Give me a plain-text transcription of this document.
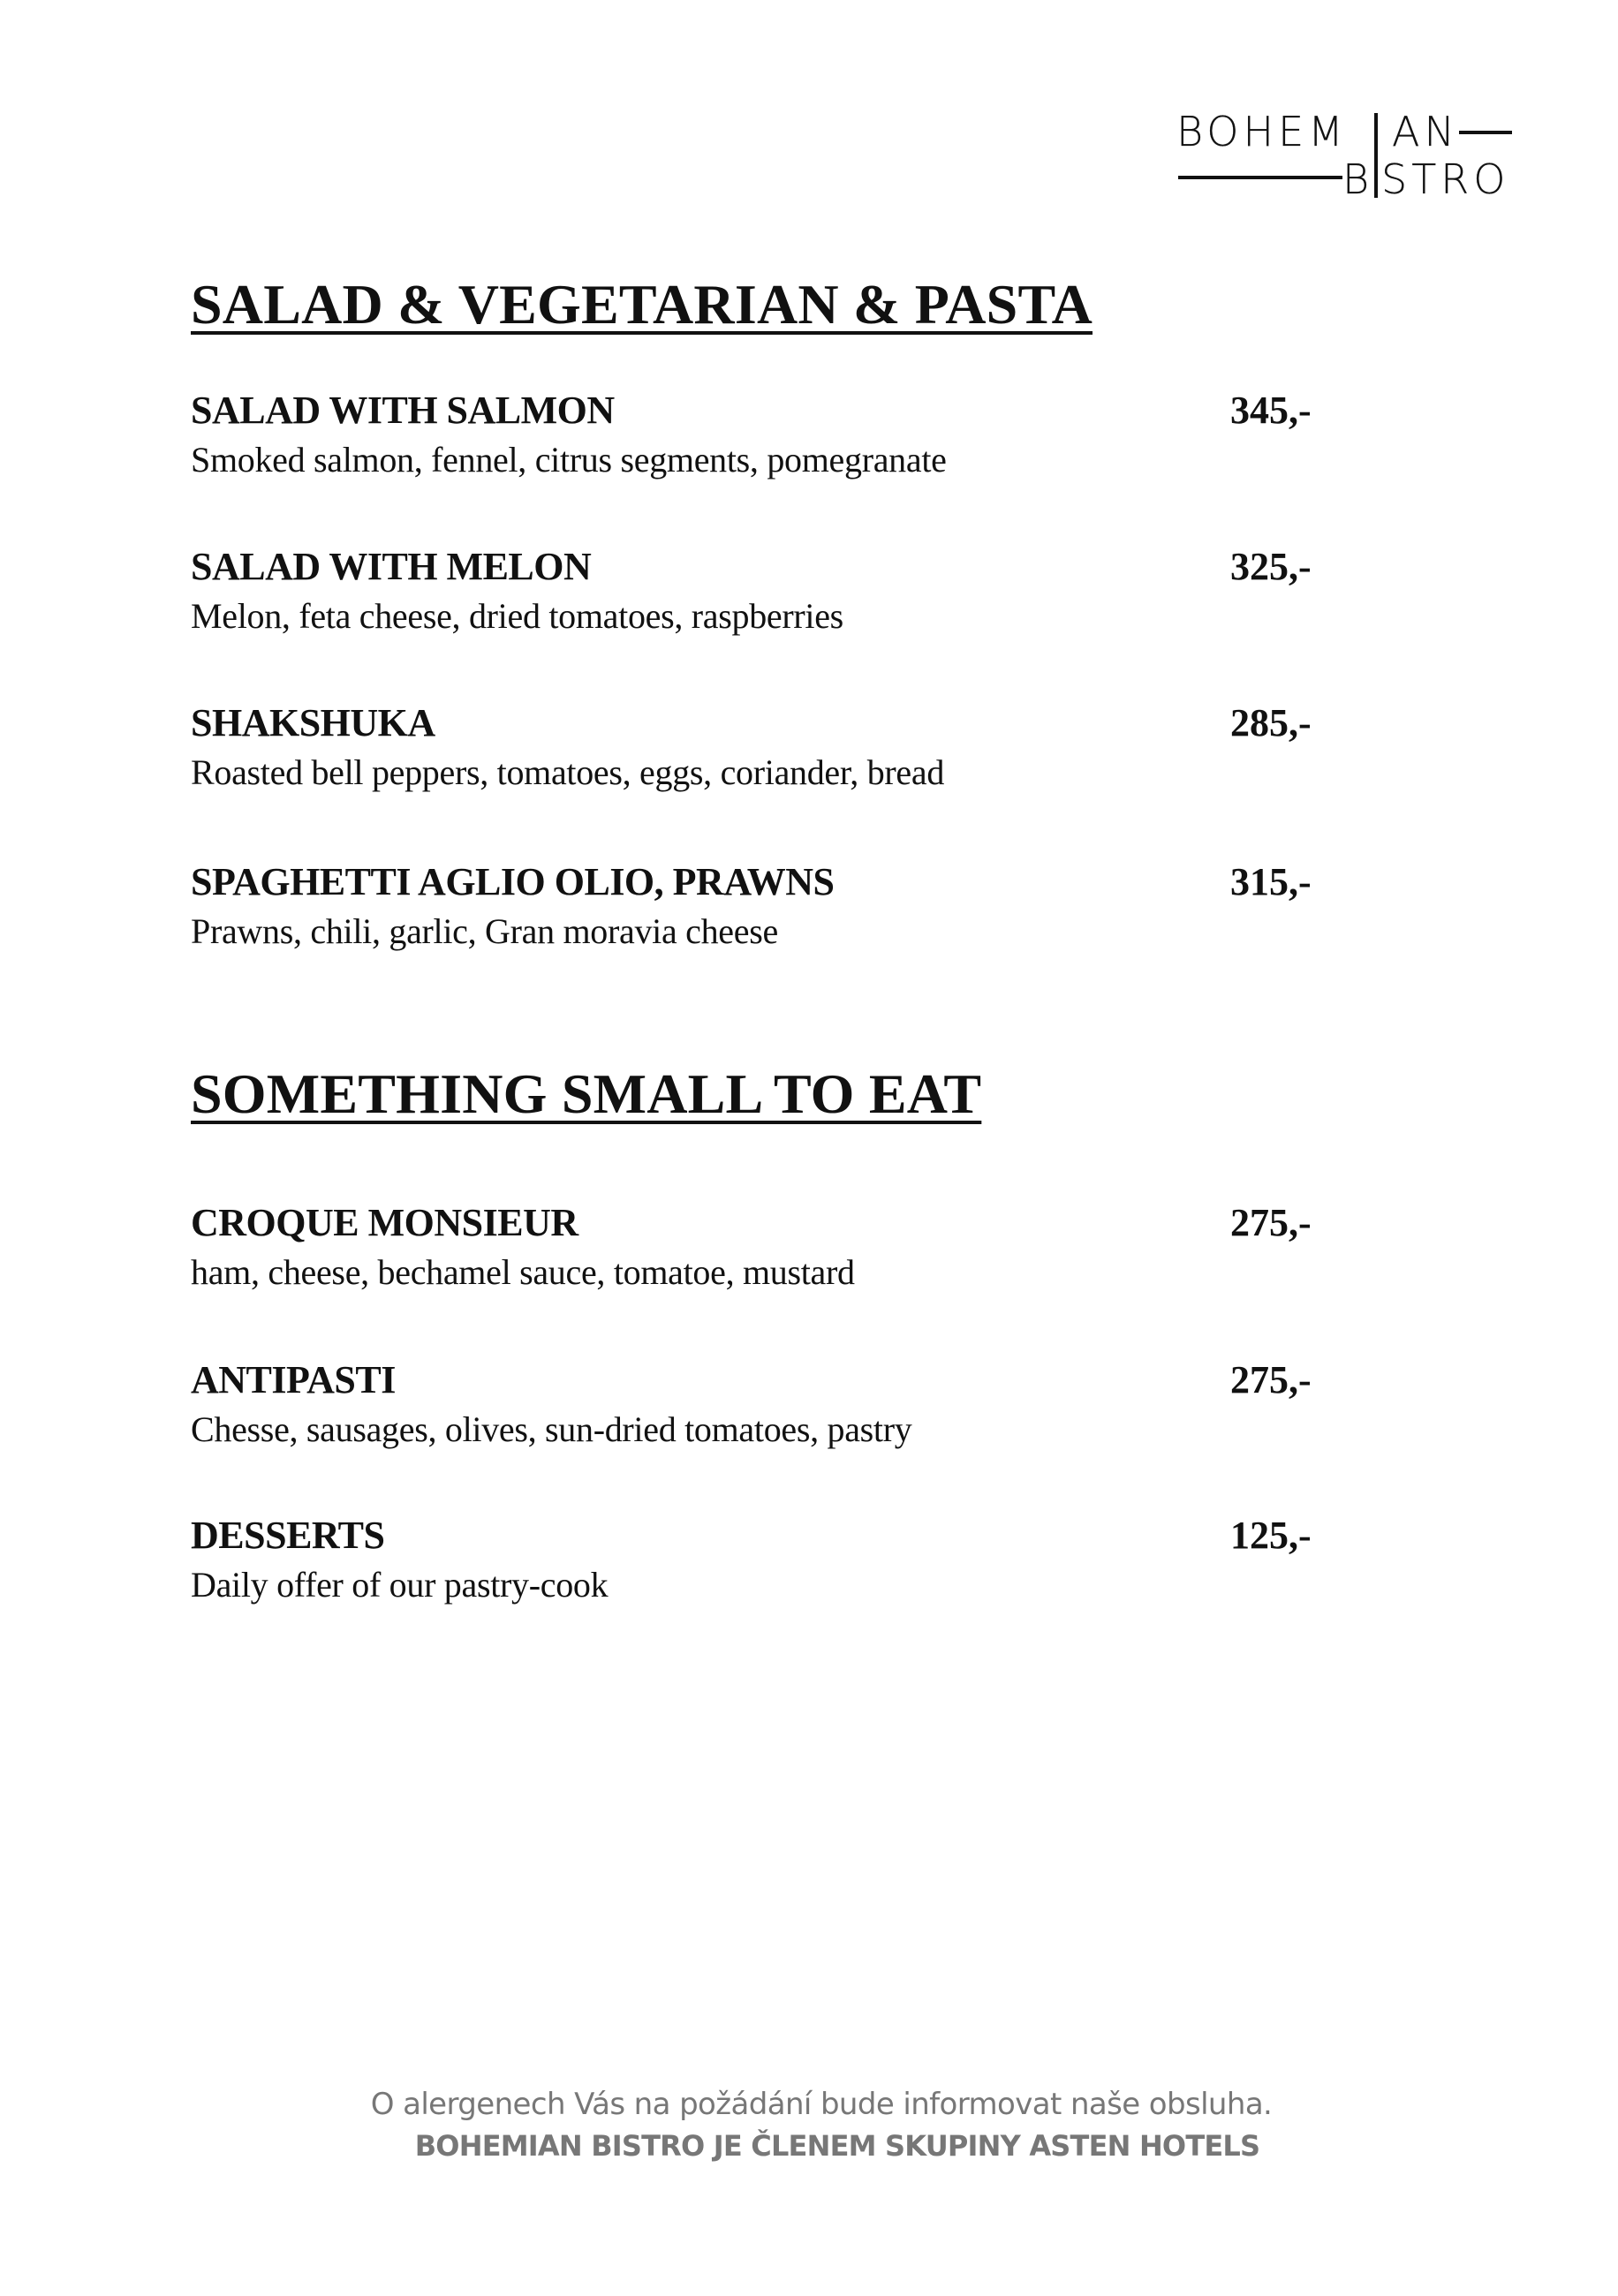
BOHEM AN
B STRO
SALAD & VEGETARIAN & PASTA
SALAD WITH SALMON	345,-
Smoked salmon, fennel, citrus segments, pomegranate
SALAD WITH MELON	325,-
Melon, feta cheese, dried tomatoes, raspberries
SHAKSHUKA	285,-
Roasted bell peppers, tomatoes, eggs, coriander, bread
SPAGHETTI AGLIO OLIO, PRAWNS	315,-
Prawns, chili, garlic, Gran moravia cheese
SOMETHING SMALL TO EAT
CROQUE MONSIEUR	275,-
ham, cheese, bechamel sauce, tomatoe, mustard
ANTIPASTI	275,-
Chesse, sausages, olives, sun-dried tomatoes, pastry
DESSERTS	125,-
Daily offer of our pastry-cook
O alergenech Vás na požádání bude informovat naše obsluha.
BOHEMIAN BISTRO JE ČLENEM SKUPINY ASTEN HOTELS
